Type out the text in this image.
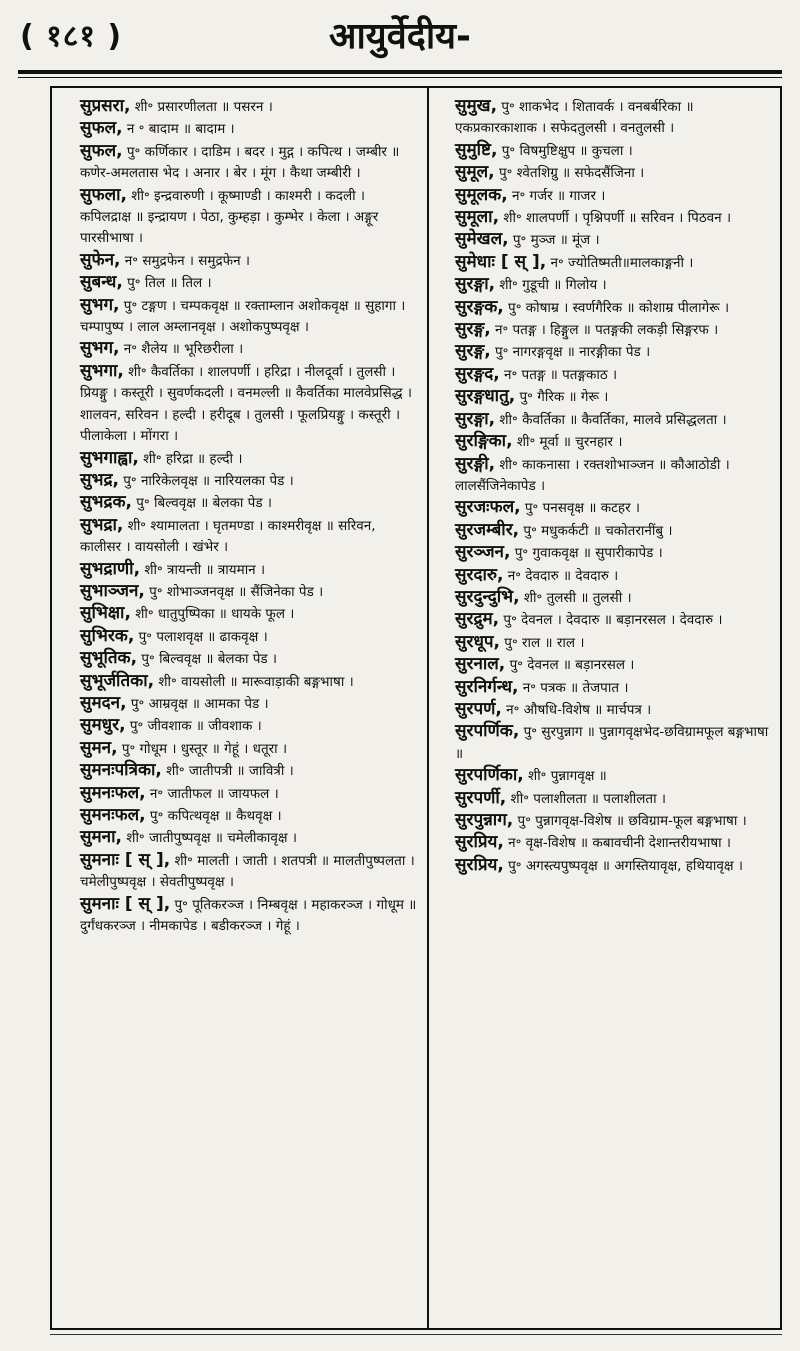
( १८१ )	आयुर्वेदीय-

सुप्रसरा, शी॰ प्रसारणीलता ॥ पसरन ।

सुफल, न ॰ बादाम ॥ बादाम ।

सुफल, पु॰ कर्णिकार । दाडिम । बदर । मुद्ग । कपित्थ । जम्बीर ॥ कणेर-अमलतास भेद । अनार । बेर । मूंग । कैथा जम्बीरी ।

सुफला, शी॰ इन्द्रवारुणी । कूष्माण्डी । काश्मरी । कदली । कपिलद्राक्ष ॥ इन्द्रायण । पेठा, कुम्हड़ा । कुम्भेर । केला । अङ्गूर पारसीभाषा ।

सुफेन, न॰ समुद्रफेन । समुद्रफेन ।

सुबन्ध, पु॰ तिल ॥ तिल ।

सुभग, पु॰ टङ्गण । चम्पकवृक्ष ॥ रक्ताम्लान अशोकवृक्ष ॥ सुहागा । चम्पापुष्प । लाल अम्लानवृक्ष । अशोकपुष्पवृक्ष ।

सुभग, न॰ शैलेय ॥ भूरिछरीला ।

सुभगा, शी॰ कैवर्तिका । शालपर्णी । हरिद्रा । नीलदूर्वा । तुलसी । प्रियङ्गु । कस्तूरी । सुवर्णकदली । वनमल्ली ॥ कैवर्तिका मालवेप्रसिद्ध । शालवन, सरिवन । हल्दी । हरीदूब । तुलसी । फूलप्रियङ्गु । कस्तूरी । पीलाकेला । मोंगरा ।

सुभगाह्वा, शी॰ हरिद्रा ॥ हल्दी ।

सुभद्र, पु॰ नारिकेलवृक्ष ॥ नारियलका पेड ।

सुभद्रक, पु॰ बिल्ववृक्ष ॥ बेलका पेड ।

सुभद्रा, शी॰ श्यामालता । घृतमण्डा । काश्मरीवृक्ष ॥ सरिवन, कालीसर । वायसोली । खंभेर ।

सुभद्राणी, शी॰ त्रायन्ती ॥ त्रायमान ।

सुभाञ्जन, पु॰ शोभाञ्जनवृक्ष ॥ सैंजिनेका पेड ।

सुभिक्षा, शी॰ धातुपुष्पिका ॥ धायके फूल ।

सुभिरक, पु॰ पलाशवृक्ष ॥ ढाकवृक्ष ।

सुभूतिक, पु॰ बिल्ववृक्ष ॥ बेलका पेड ।

सुभूर्जतिका, शी॰ वायसोली ॥ मारूवाड़ाकी बङ्गभाषा ।

सुमदन, पु॰ आम्रवृक्ष ॥ आमका पेड ।

सुमधुर, पु॰ जीवशाक ॥ जीवशाक ।

सुमन, पु॰ गोधूम । धुस्तूर ॥ गेहूं । धतूरा ।

सुमनःपत्रिका, शी॰ जातीपत्री ॥ जावित्री ।

सुमनःफल, न॰ जातीफल ॥ जायफल ।

सुमनःफल, पु॰ कपित्थवृक्ष ॥ कैथवृक्ष ।

सुमना, शी॰ जातीपुष्पवृक्ष ॥ चमेलीकावृक्ष ।

सुमनाः [ स् ], शी॰ मालती । जाती । शतपत्री ॥ मालतीपुष्पलता । चमेलीपुष्पवृक्ष । सेवतीपुष्पवृक्ष ।

सुमनाः [ स् ], पु॰ पूतिकरञ्ज । निम्बवृक्ष । महाकरञ्ज । गोधूम ॥ दुर्गंधकरञ्ज । नीमकापेड । बडीकरञ्ज । गेहूं ।

सुमुख, पु॰ शाकभेद । शितावर्क । वनबर्बरिका ॥ एकप्रकारकाशाक । सफेदतुलसी । वनतुलसी ।

सुमुष्टि, पु॰ विषमुष्टिक्षुप ॥ कुचला ।

सुमूल, पु॰ श्वेतशिग्रु ॥ सफेदसैंजिना ।

सुमूलक, न॰ गर्जर ॥ गाजर ।

सुमूला, शी॰ शालपर्णी । पृश्निपर्णी ॥ सरिवन । पिठवन ।

सुमेखल, पु॰ मुञ्ज ॥ मूंज ।

सुमेधाः [ स् ], न॰ ज्योतिष्मती॥मालकाङ्गनी ।

सुरङ्गा, शी॰ गुडूची ॥ गिलोय ।

सुरङ्गक, पु॰ कोषाम्र । स्वर्णगैरिक ॥ कोशाम्र पीलागेरू ।

सुरङ्ग, न॰ पतङ्ग । हिङ्गुल ॥ पतङ्गकी लकड़ी सिङ्गरफ ।

सुरङ्ग, पु॰ नागरङ्गवृक्ष ॥ नारङ्गीका पेड ।

सुरङ्गद, न॰ पतङ्ग ॥ पतङ्गकाठ ।

सुरङ्गधातु, पु॰ गैरिक ॥ गेरू ।

सुरङ्गा, शी॰ कैवर्तिका ॥ कैवर्तिका, मालवे प्रसिद्धलता ।

सुरङ्गिका, शी॰ मूर्वा ॥ चुरनहार ।

सुरङ्गी, शी॰ काकनासा । रक्तशोभाञ्जन ॥ कौआठोडी । लालसैंजिनेकापेड ।

सुरजःफल, पु॰ पनसवृक्ष ॥ कटहर ।

सुरजम्बीर, पु॰ मधुकर्कटी ॥ चकोतरानींबु ।

सुरञ्जन, पु॰ गुवाकवृक्ष ॥ सुपारीकापेड ।

सुरदारु, न॰ देवदारु ॥ देवदारु ।

सुरदुन्दुभि, शी॰ तुलसी ॥ तुलसी ।

सुरद्रुम, पु॰ देवनल । देवदारु ॥ बड़ानरसल । देवदारु ।

सुरधूप, पु॰ राल ॥ राल ।

सुरनाल, पु॰ देवनल ॥ बड़ानरसल ।

सुरनिर्गन्ध, न॰ पत्रक ॥ तेजपात ।

सुरपर्ण, न॰ औषधि-विशेष ॥ मार्चपत्र ।

सुरपर्णिक, पु॰ सुरपुन्नाग ॥ पुन्नागवृक्षभेद-छविग्रामफूल बङ्गभाषा ॥

सुरपर्णिका, शी॰ पुन्नागवृक्ष ॥

सुरपर्णी, शी॰ पलाशीलता ॥ पलाशीलता ।

सुरपुन्नाग, पु॰ पुन्नागवृक्ष-विशेष ॥ छविग्राम-फूल बङ्गभाषा ।

सुरप्रिय, न॰ वृक्ष-विशेष ॥ कबावचीनी देशान्तरीयभाषा ।

सुरप्रिय, पु॰ अगस्त्यपुष्पवृक्ष ॥ अगस्तियावृक्ष, हथियावृक्ष ।
